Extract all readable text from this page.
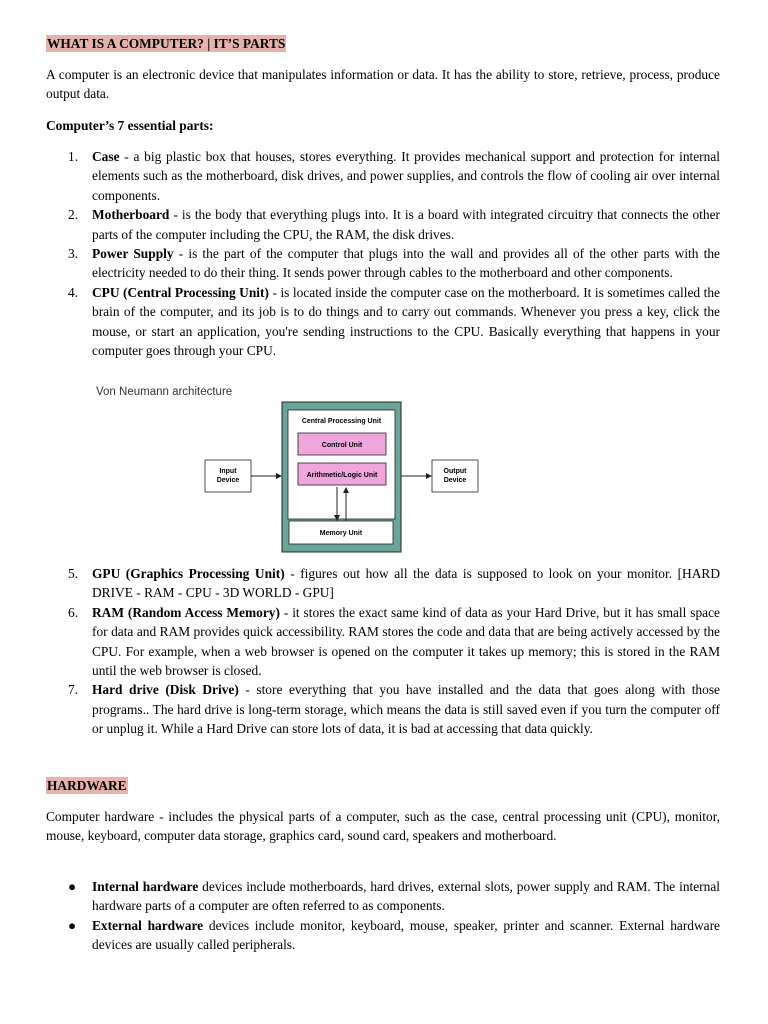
WHAT IS A COMPUTER? | IT’S PARTS

A computer is an electronic device that manipulates information or data. It has the ability to store, retrieve, process, produce output data.

Computer’s 7 essential parts:

1. Case - a big plastic box that houses, stores everything. It provides mechanical support and protection for internal elements such as the motherboard, disk drives, and power supplies, and controls the flow of cooling air over internal components.
2. Motherboard - is the body that everything plugs into. It is a board with integrated circuitry that connects the other parts of the computer including the CPU, the RAM, the disk drives.
3. Power Supply - is the part of the computer that plugs into the wall and provides all of the other parts with the electricity needed to do their thing. It sends power through cables to the motherboard and other components.
4. CPU (Central Processing Unit) - is located inside the computer case on the motherboard. It is sometimes called the brain of the computer, and its job is to do things and to carry out commands. Whenever you press a key, click the mouse, or start an application, you're sending instructions to the CPU. Basically everything that happens in your computer goes through your CPU.
Von Neumann architecture
Central Processing Unit
Control Unit
Arithmetic/Logic Unit
Memory Unit
Input
Device
Output
Device
5. GPU (Graphics Processing Unit) - figures out how all the data is supposed to look on your monitor. [HARD DRIVE - RAM - CPU - 3D WORLD - GPU]
6. RAM (Random Access Memory) - it stores the exact same kind of data as your Hard Drive, but it has small space for data and RAM provides quick accessibility. RAM stores the code and data that are being actively accessed by the CPU. For example, when a web browser is opened on the computer it takes up memory; this is stored in the RAM until the web browser is closed.
7. Hard drive (Disk Drive) - store everything that you have installed and the data that goes along with those programs.. The hard drive is long-term storage, which means the data is still saved even if you turn the computer off or unplug it. While a Hard Drive can store lots of data, it is bad at accessing that data quickly.
HARDWARE

Computer hardware - includes the physical parts of a computer, such as the case, central processing unit (CPU), monitor, mouse, keyboard, computer data storage, graphics card, sound card, speakers and motherboard.

● Internal hardware devices include motherboards, hard drives, external slots, power supply and RAM. The internal hardware parts of a computer are often referred to as components.
● External hardware devices include monitor, keyboard, mouse, speaker, printer and scanner. External hardware devices are usually called peripherals.
